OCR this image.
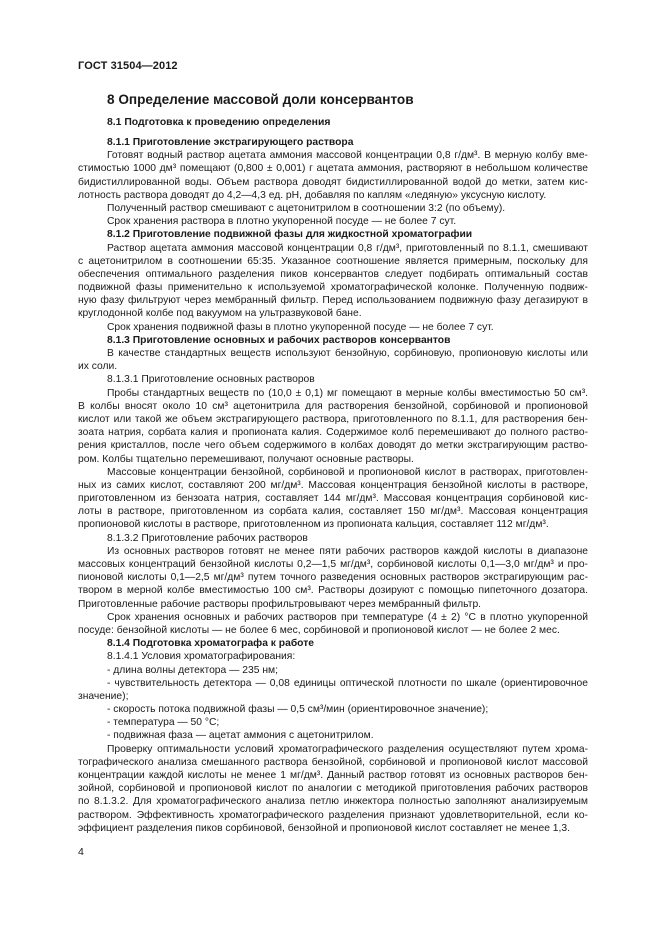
ГОСТ 31504—2012
8 Определение массовой доли консервантов
8.1 Подготовка к проведению определения
8.1.1 Приготовление экстрагирующего раствора
Готовят водный раствор ацетата аммония массовой концентрации 0,8 г/дм³. В мерную колбу вме-
стимостью 1000 дм³ помещают (0,800 ± 0,001) г ацетата аммония, растворяют в небольшом количестве
бидистиллированной воды. Объем раствора доводят бидистиллированной водой до метки, затем кис-
лотность раствора доводят до 4,2—4,3 ед. pH, добавляя по каплям «ледяную» уксусную кислоту.
Полученный раствор смешивают с ацетонитрилом в соотношении 3:2 (по объему).
Срок хранения раствора в плотно укупоренной посуде — не более 7 сут.
8.1.2 Приготовление подвижной фазы для жидкостной хроматографии
Раствор ацетата аммония массовой концентрации 0,8 г/дм³, приготовленный по 8.1.1, смешивают
с ацетонитрилом в соотношении 65:35. Указанное соотношение является примерным, поскольку для
обеспечения оптимального разделения пиков консервантов следует подбирать оптимальный состав
подвижной фазы применительно к используемой хроматографической колонке. Полученную подвиж-
ную фазу фильтруют через мембранный фильтр. Перед использованием подвижную фазу дегазируют в
круглодонной колбе под вакуумом на ультразвуковой бане.
Срок хранения подвижной фазы в плотно укупоренной посуде — не более 7 сут.
8.1.3 Приготовление основных и рабочих растворов консервантов
В качестве стандартных веществ используют бензойную, сорбиновую, пропионовую кислоты или
их соли.
8.1.3.1 Приготовление основных растворов
Пробы стандартных веществ по (10,0 ± 0,1) мг помещают в мерные колбы вместимостью 50 см³.
В колбы вносят около 10 см³ ацетонитрила для растворения бензойной, сорбиновой и пропионовой
кислот или такой же объем экстрагирующего раствора, приготовленного по 8.1.1, для растворения бен-
зоата натрия, сорбата калия и пропионата калия. Содержимое колб перемешивают до полного раство-
рения кристаллов, после чего объем содержимого в колбах доводят до метки экстрагирующим раство-
ром. Колбы тщательно перемешивают, получают основные растворы.
Массовые концентрации бензойной, сорбиновой и пропионовой кислот в растворах, приготовлен-
ных из самих кислот, составляют 200 мг/дм³. Массовая концентрация бензойной кислоты в растворе,
приготовленном из бензоата натрия, составляет 144 мг/дм³. Массовая концентрация сорбиновой кис-
лоты в растворе, приготовленном из сорбата калия, составляет 150 мг/дм³. Массовая концентрация
пропионовой кислоты в растворе, приготовленном из пропионата кальция, составляет 112 мг/дм³.
8.1.3.2 Приготовление рабочих растворов
Из основных растворов готовят не менее пяти рабочих растворов каждой кислоты в диапазоне
массовых концентраций бензойной кислоты 0,2—1,5 мг/дм³, сорбиновой кислоты 0,1—3,0 мг/дм³ и про-
пионовой кислоты 0,1—2,5 мг/дм³ путем точного разведения основных растворов экстрагирующим рас-
твором в мерной колбе вместимостью 100 см³. Растворы дозируют с помощью пипеточного дозатора.
Приготовленные рабочие растворы профильтровывают через мембранный фильтр.
Срок хранения основных и рабочих растворов при температуре (4 ± 2) °С в плотно укупоренной
посуде: бензойной кислоты — не более 6 мес, сорбиновой и пропионовой кислот — не более 2 мес.
8.1.4 Подготовка хроматографа к работе
8.1.4.1 Условия хроматографирования:
- длина волны детектора — 235 нм;
- чувствительность детектора — 0,08 единицы оптической плотности по шкале (ориентировочное
значение);
- скорость потока подвижной фазы — 0,5 см³/мин (ориентировочное значение);
- температура — 50 °С;
- подвижная фаза — ацетат аммония с ацетонитрилом.
Проверку оптимальности условий хроматографического разделения осуществляют путем хрома-
тографического анализа смешанного раствора бензойной, сорбиновой и пропионовой кислот массовой
концентрации каждой кислоты не менее 1 мг/дм³. Данный раствор готовят из основных растворов бен-
зойной, сорбиновой и пропионовой кислот по аналогии с методикой приготовления рабочих растворов
по 8.1.3.2. Для хроматографического анализа петлю инжектора полностью заполняют анализируемым
раствором. Эффективность хроматографического разделения признают удовлетворительной, если ко-
эффициент разделения пиков сорбиновой, бензойной и пропионовой кислот составляет не менее 1,3.
4
